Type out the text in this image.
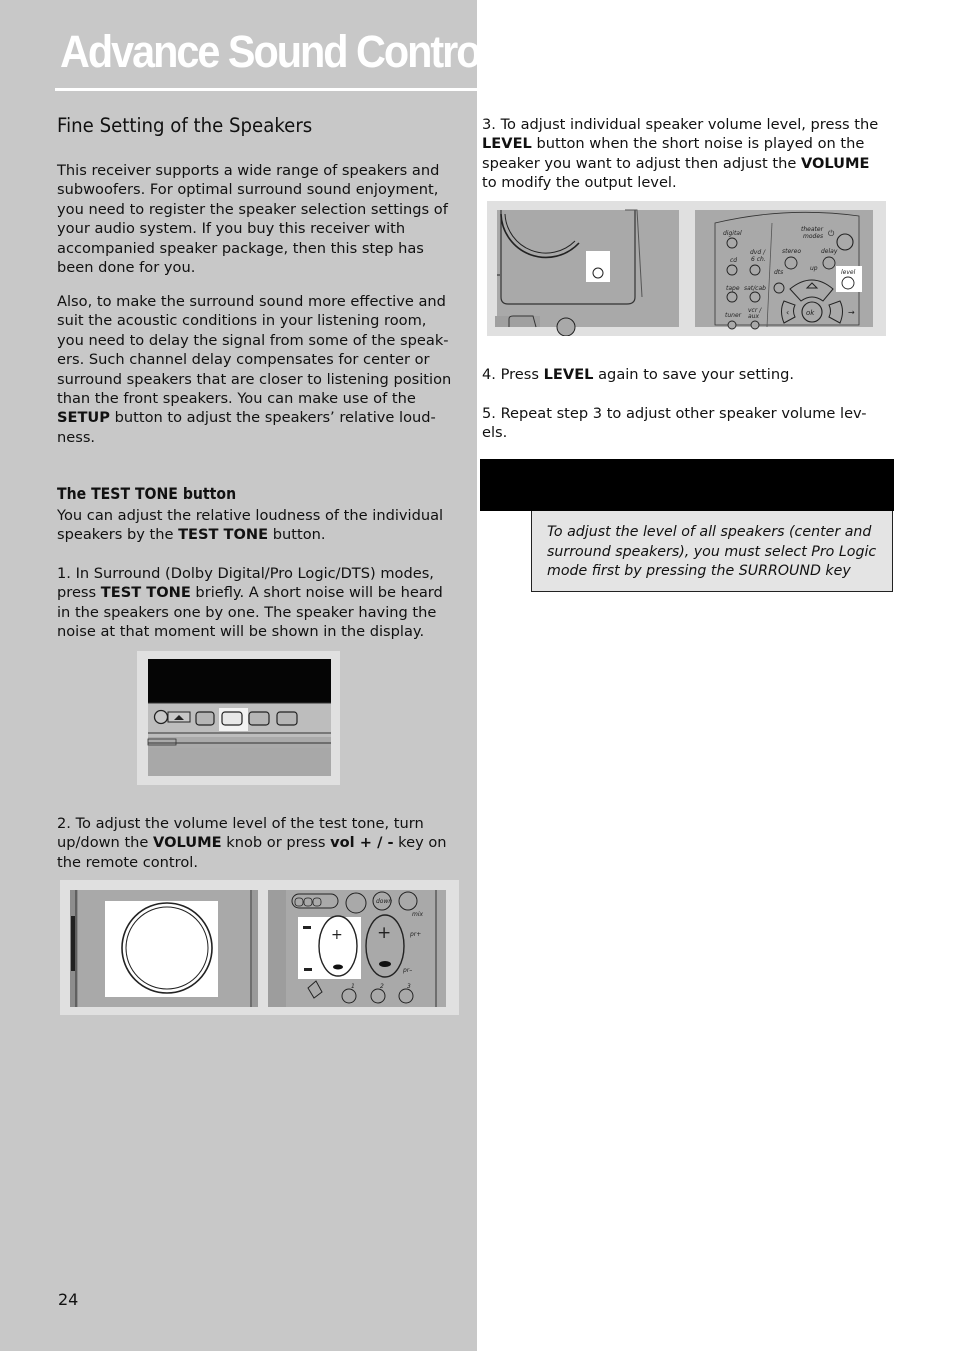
Advance Sound Control
Fine Setting of the Speakers
This receiver supports a wide range of speakers and
subwoofers. For optimal surround sound enjoyment,
you need to register the speaker selection settings of
your audio system. If you buy this receiver with
accompanied speaker package, then this step has
been done for you.
Also, to make the surround sound more effective and
suit the acoustic conditions in your listening room,
you need to delay the signal from some of the speak-
ers. Such channel delay compensates for center or
surround speakers that are closer to listening position
than the front speakers. You can make use of the
SETUP button to adjust the speakers’ relative loud-
ness.
The TEST TONE button
You can adjust the relative loudness of the individual
speakers by the TEST TONE button.
1. In Surround (Dolby Digital/Pro Logic/DTS) modes,
press TEST TONE briefly. A short noise will be heard
in the speakers one by one. The speaker having the
noise at that moment will be shown in the display.
2. To adjust the volume level of the test tone, turn
up/down the VOLUME knob or press vol + / - key on
the remote control.
down
mix
+ +	pr+
pr–
1	2	3
3. To adjust individual speaker volume level, press the
LEVEL button when the short noise is played on the
speaker you want to adjust then adjust the VOLUME
to modify the output level.
digital
theater
modes ⏻
dvd /
6 ch.
cd
stereo	delay
up
dts	level
tape sat/cab
ok
‹	→
tuner
vcr /
aux
4. Press LEVEL again to save your setting.
5. Repeat step 3 to adjust other speaker volume lev-
els.
To adjust the level of all speakers (center and
surround speakers), you must select Pro Logic
mode first by pressing the SURROUND key
24
